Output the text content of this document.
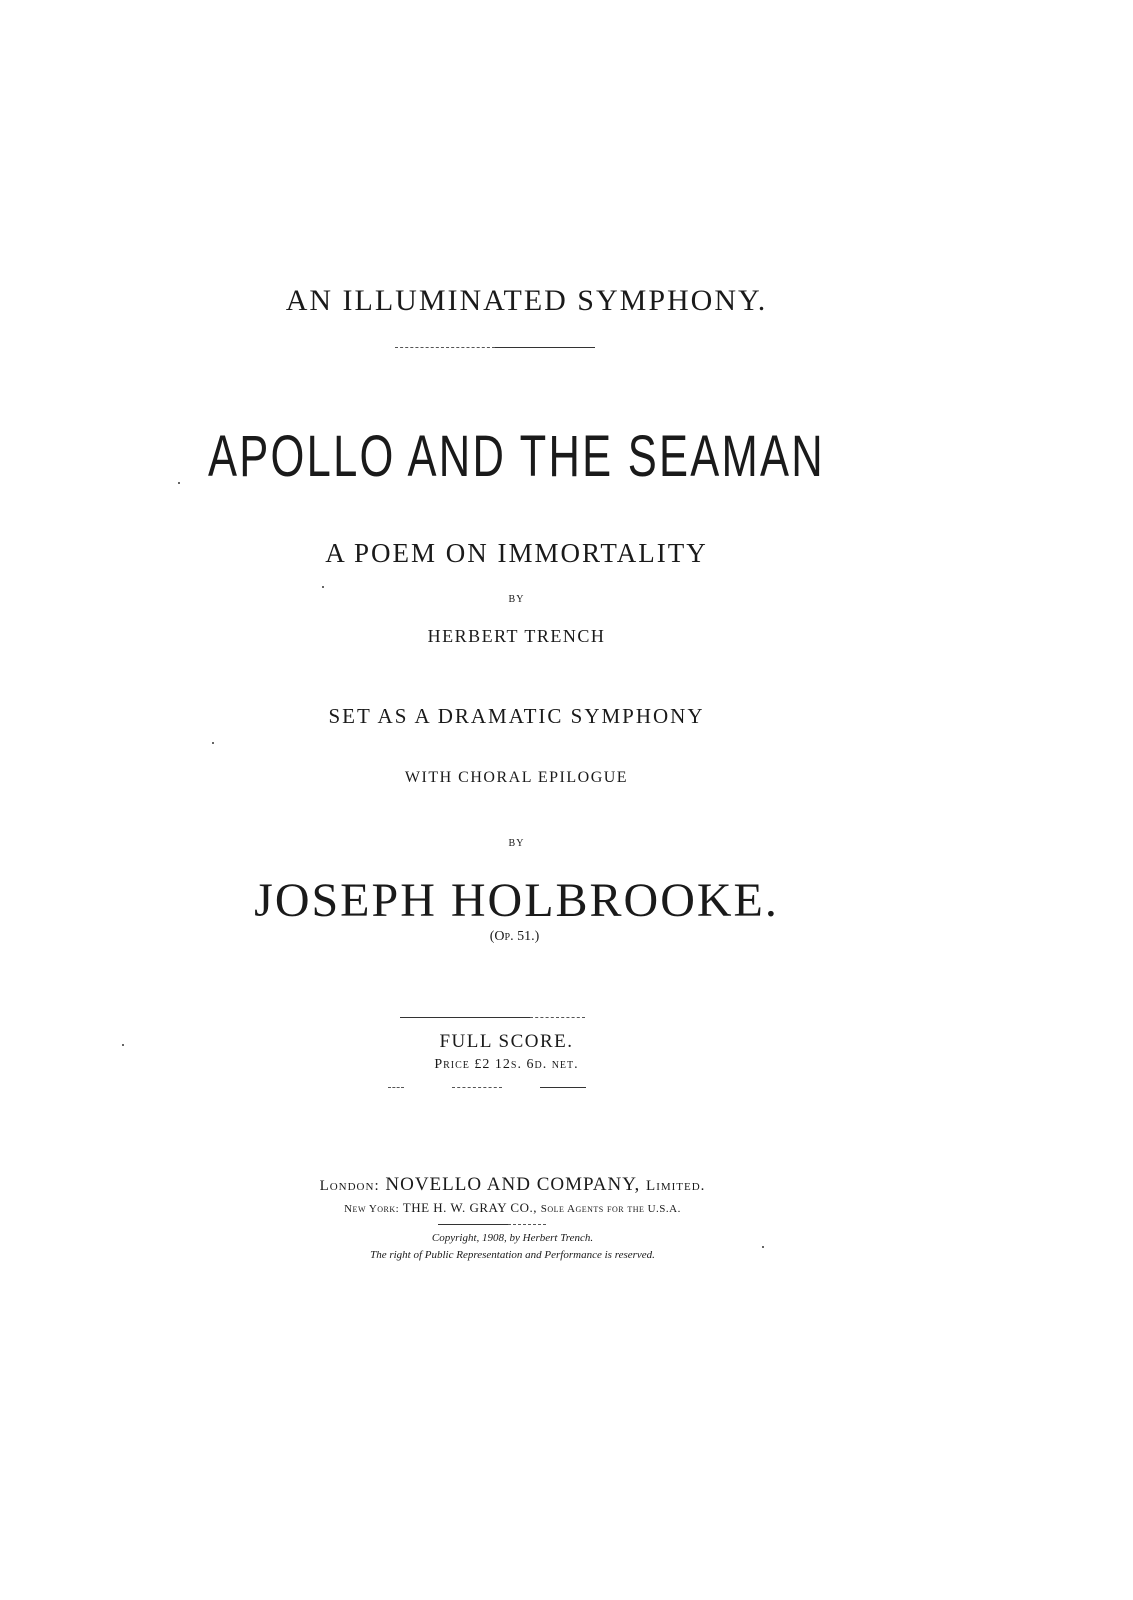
AN ILLUMINATED SYMPHONY.
APOLLO AND THE SEAMAN
A POEM ON IMMORTALITY
BY
HERBERT TRENCH
SET AS A DRAMATIC SYMPHONY
WITH CHORAL EPILOGUE
BY
JOSEPH HOLBROOKE.
(Op. 51.)
FULL SCORE.
Price £2 12s. 6d. net.
London: NOVELLO AND COMPANY, Limited.
New York: THE H. W. GRAY CO., Sole Agents for the U.S.A.
Copyright, 1908, by Herbert Trench.
The right of Public Representation and Performance is reserved.
